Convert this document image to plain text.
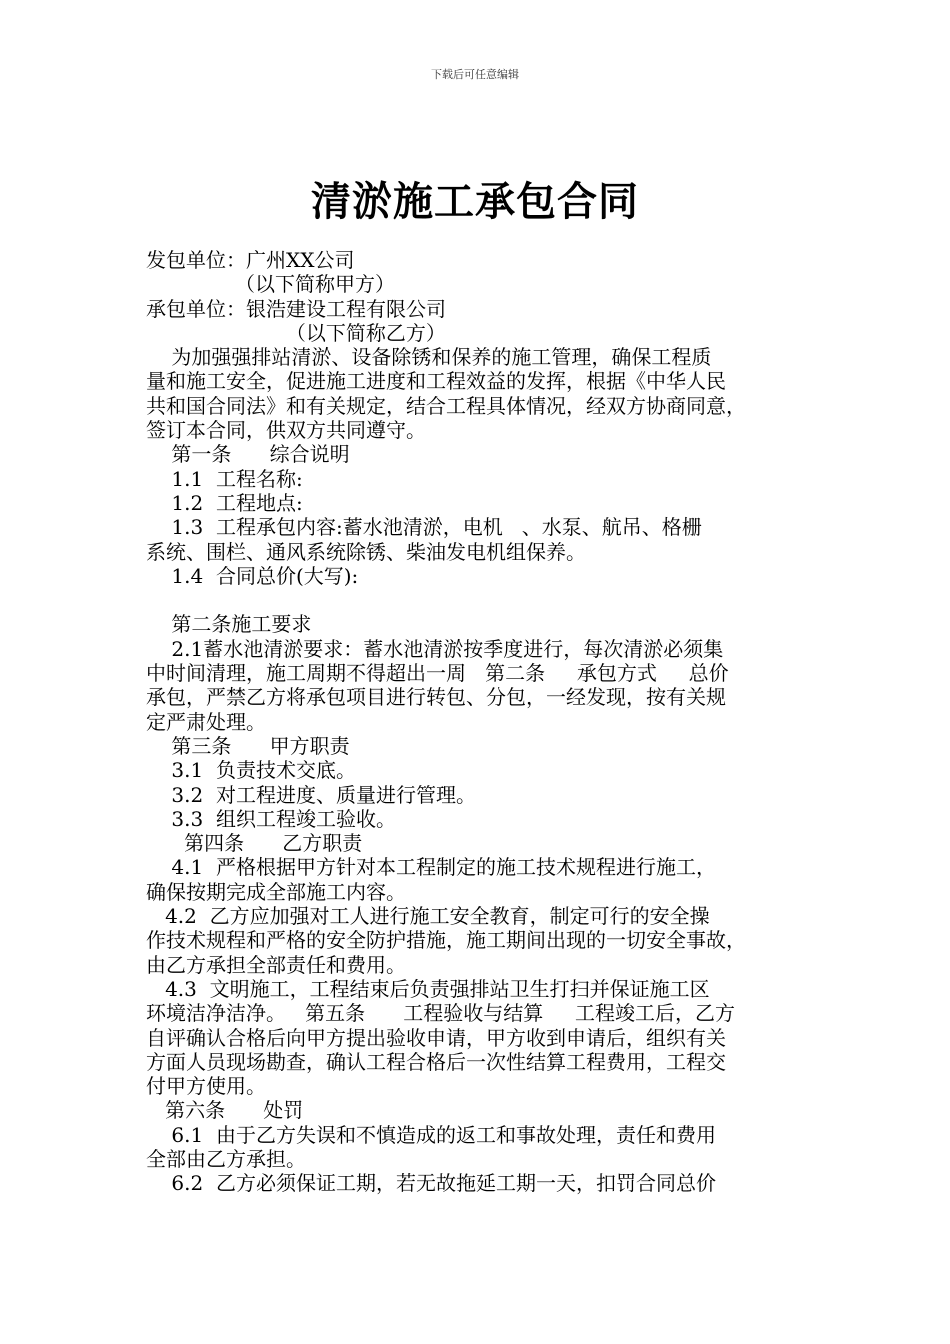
下载后可任意编辑
清淤施工承包合同
发包单位：广州XX公司
（以下简称甲方）
承包单位：银浩建设工程有限公司
（以下简称乙方）
为加强强排站清淤、设备除锈和保养的施工管理，确保工程质
量和施工安全，促进施工进度和工程效益的发挥，根据《中华人民
共和国合同法》和有关规定，结合工程具体情况，经双方协商同意，
签订本合同，供双方共同遵守。
第一条      综合说明
1.1  工程名称:
1.2  工程地点:
1.3  工程承包内容:蓄水池清淤，电机   、水泵、航吊、格栅
系统、围栏、通风系统除锈、柴油发电机组保养。
1.4  合同总价(大写):
第二条施工要求
2.1蓄水池清淤要求：蓄水池清淤按季度进行，每次清淤必须集
中时间清理，施工周期不得超出一周   第二条     承包方式     总价
承包，严禁乙方将承包项目进行转包、分包，一经发现，按有关规
定严肃处理。
第三条      甲方职责
3.1  负责技术交底。
3.2  对工程进度、质量进行管理。
3.3  组织工程竣工验收。
第四条      乙方职责
4.1  严格根据甲方针对本工程制定的施工技术规程进行施工，
确保按期完成全部施工内容。
4.2  乙方应加强对工人进行施工安全教育，制定可行的安全操
作技术规程和严格的安全防护措施，施工期间出现的一切安全事故，
由乙方承担全部责任和费用。
4.3  文明施工，工程结束后负责强排站卫生打扫并保证施工区
环境洁净洁净。   第五条      工程验收与结算     工程竣工后，乙方
自评确认合格后向甲方提出验收申请，甲方收到申请后，组织有关
方面人员现场勘查，确认工程合格后一次性结算工程费用，工程交
付甲方使用。
第六条      处罚
6.1  由于乙方失误和不慎造成的返工和事故处理，责任和费用
全部由乙方承担。
6.2  乙方必须保证工期，若无故拖延工期一天，扣罚合同总价
